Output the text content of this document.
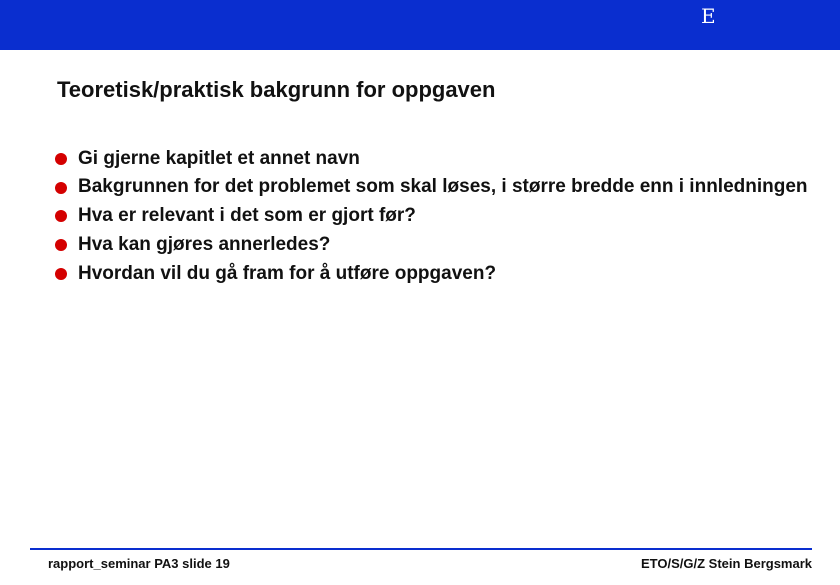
E
Teoretisk/praktisk bakgrunn for oppgaven
Gi gjerne kapitlet et annet navn
Bakgrunnen for det problemet som skal løses, i større bredde enn i innledningen
Hva er relevant i det som er gjort før?
Hva kan gjøres annerledes?
Hvordan vil du gå fram for å utføre oppgaven?
rapport_seminar PA3 slide 19	ETO/S/G/Z Stein Bergsmark
